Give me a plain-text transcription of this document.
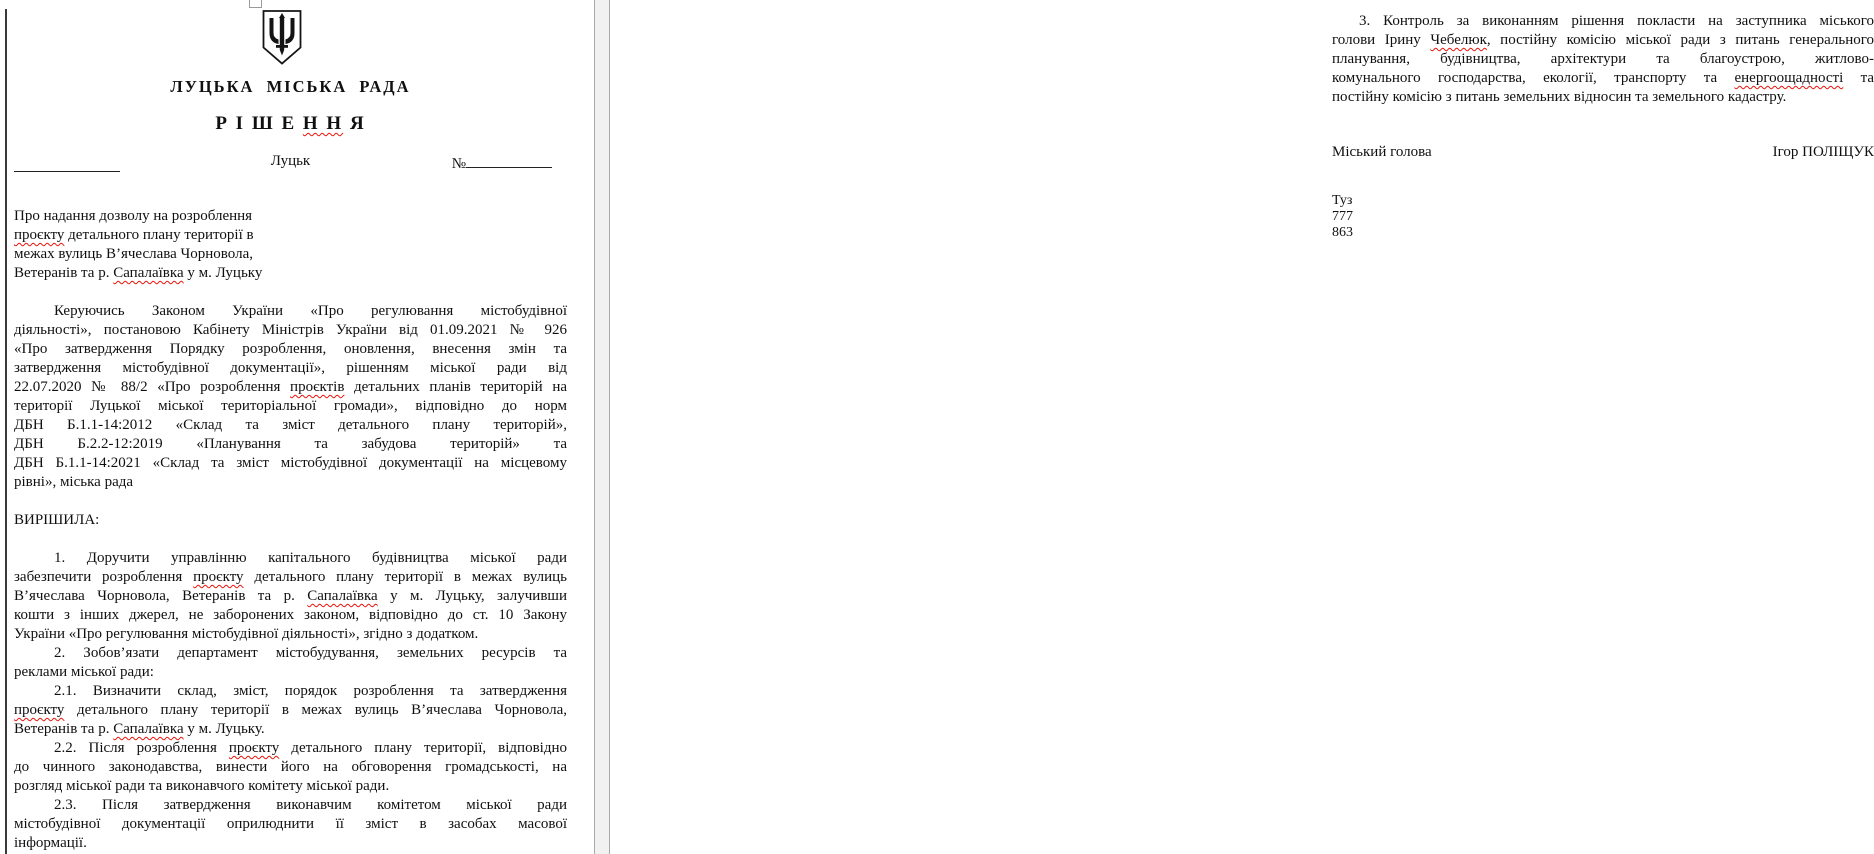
ЛУЦЬКА МІСЬКА РАДА
Р І Ш Е Н Н Я
Луцьк	№
Про надання дозволу на розроблення
проєкту детального плану території в
межах вулиць В’ячеслава Чорновола,
Ветеранів та р. Сапалаївка у м. Луцьку
Керуючись Законом України «Про регулювання містобудівної
діяльності», постановою Кабінету Міністрів України від 01.09.2021 № 926
«Про затвердження Порядку розроблення, оновлення, внесення змін та
затвердження містобудівної документації», рішенням міської ради від
22.07.2020 № 88/2 «Про розроблення проєктів детальних планів територій на
території Луцької міської територіальної громади», відповідно до норм
ДБН Б.1.1-14:2012 «Склад та зміст детального плану територій»,
ДБН Б.2.2-12:2019 «Планування та забудова територій» та
ДБН Б.1.1-14:2021 «Склад та зміст містобудівної документації на місцевому
рівні», міська рада
ВИРІШИЛА:
1. Доручити управлінню капітального будівництва міської ради
забезпечити розроблення проєкту детального плану території в межах вулиць
В’ячеслава Чорновола, Ветеранів та р. Сапалаївка у м. Луцьку, залучивши
кошти з інших джерел, не заборонених законом, відповідно до ст. 10 Закону
України «Про регулювання містобудівної діяльності», згідно з додатком.
2. Зобов’язати департамент містобудування, земельних ресурсів та
реклами міської ради:
2.1. Визначити склад, зміст, порядок розроблення та затвердження
проєкту детального плану території в межах вулиць В’ячеслава Чорновола,
Ветеранів та р. Сапалаївка у м. Луцьку.
2.2. Після розроблення проєкту детального плану території, відповідно
до чинного законодавства, винести його на обговорення громадськості, на
розгляд міської ради та виконавчого комітету міської ради.
2.3. Після затвердження виконавчим комітетом міської ради
містобудівної документації оприлюднити її зміст в засобах масової
інформації.
3. Контроль за виконанням рішення покласти на заступника міського
голови Ірину Чебелюк, постійну комісію міської ради з питань генерального
планування, будівництва, архітектури та благоустрою, житлово-
комунального господарства, екології, транспорту та енергоощадності та
постійну комісію з питань земельних відносин та земельного кадастру.
Міський голова	Ігор ПОЛІЩУК
Туз 777 863
